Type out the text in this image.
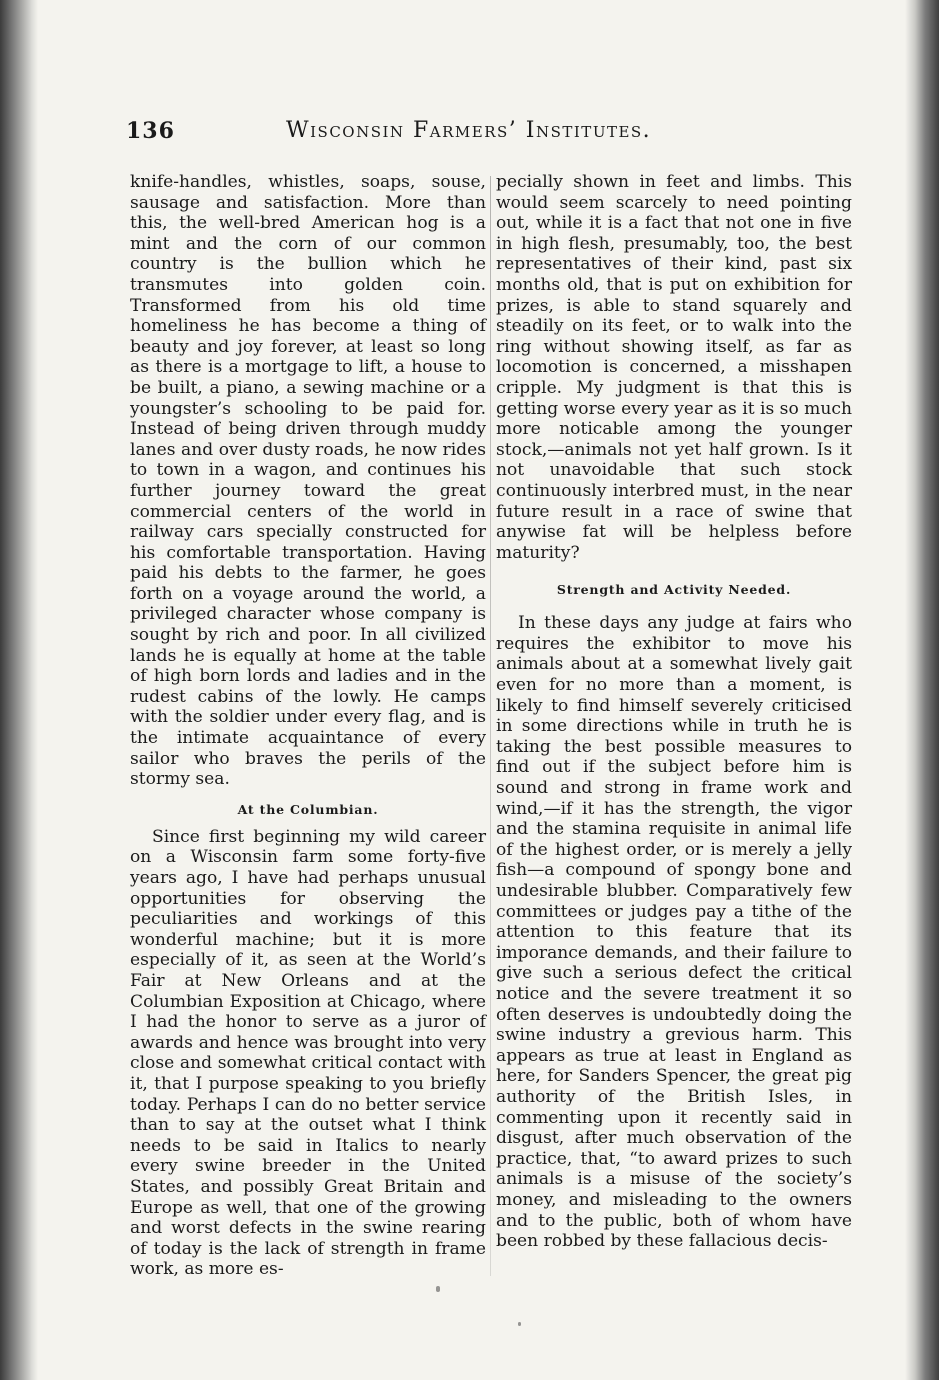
136	Wisconsin Farmers’ Institutes.

knife-handles, whistles, soaps, souse, sausage and satisfaction. More than this, the well-bred American hog is a mint and the corn of our common country is the bullion which he transmutes into golden coin. Transformed from his old time homeliness he has become a thing of beauty and joy forever, at least so long as there is a mortgage to lift, a house to be built, a piano, a sewing machine or a youngster’s schooling to be paid for. Instead of being driven through muddy lanes and over dusty roads, he now rides to town in a wagon, and continues his further journey toward the great commercial centers of the world in railway cars specially constructed for his comfortable transportation. Having paid his debts to the farmer, he goes forth on a voyage around the world, a privileged character whose company is sought by rich and poor. In all civilized lands he is equally at home at the table of high born lords and ladies and in the rudest cabins of the lowly. He camps with the soldier under every flag, and is the intimate acquaintance of every sailor who braves the perils of the stormy sea.

At the Columbian.

Since first beginning my wild career on a Wisconsin farm some forty-five years ago, I have had perhaps unusual opportunities for observing the peculiarities and workings of this wonderful machine; but it is more especially of it, as seen at the World’s Fair at New Orleans and at the Columbian Exposition at Chicago, where I had the honor to serve as a juror of awards and hence was brought into very close and somewhat critical contact with it, that I purpose speaking to you briefly today. Perhaps I can do no better service than to say at the outset what I think needs to be said in Italics to nearly every swine breeder in the United States, and possibly Great Britain and Europe as well, that one of the growing and worst defects in the swine rearing of today is the lack of strength in frame work, as more es-

pecially shown in feet and limbs. This would seem scarcely to need pointing out, while it is a fact that not one in five in high flesh, presumably, too, the best representatives of their kind, past six months old, that is put on exhibition for prizes, is able to stand squarely and steadily on its feet, or to walk into the ring without showing itself, as far as locomotion is concerned, a misshapen cripple. My judgment is that this is getting worse every year as it is so much more noticable among the younger stock,—animals not yet half grown. Is it not unavoidable that such stock continuously interbred must, in the near future result in a race of swine that anywise fat will be helpless before maturity?

Strength and Activity Needed.

In these days any judge at fairs who requires the exhibitor to move his animals about at a somewhat lively gait even for no more than a moment, is likely to find himself severely criticised in some directions while in truth he is taking the best possible measures to find out if the subject before him is sound and strong in frame work and wind,—if it has the strength, the vigor and the stamina requisite in animal life of the highest order, or is merely a jelly fish—a compound of spongy bone and undesirable blubber. Comparatively few committees or judges pay a tithe of the attention to this feature that its imporance demands, and their failure to give such a serious defect the critical notice and the severe treatment it so often deserves is undoubtedly doing the swine industry a grevious harm. This appears as true at least in England as here, for Sanders Spencer, the great pig authority of the British Isles, in commenting upon it recently said in disgust, after much observation of the practice, that, “to award prizes to such animals is a misuse of the society’s money, and misleading to the owners and to the public, both of whom have been robbed by these fallacious decis-
